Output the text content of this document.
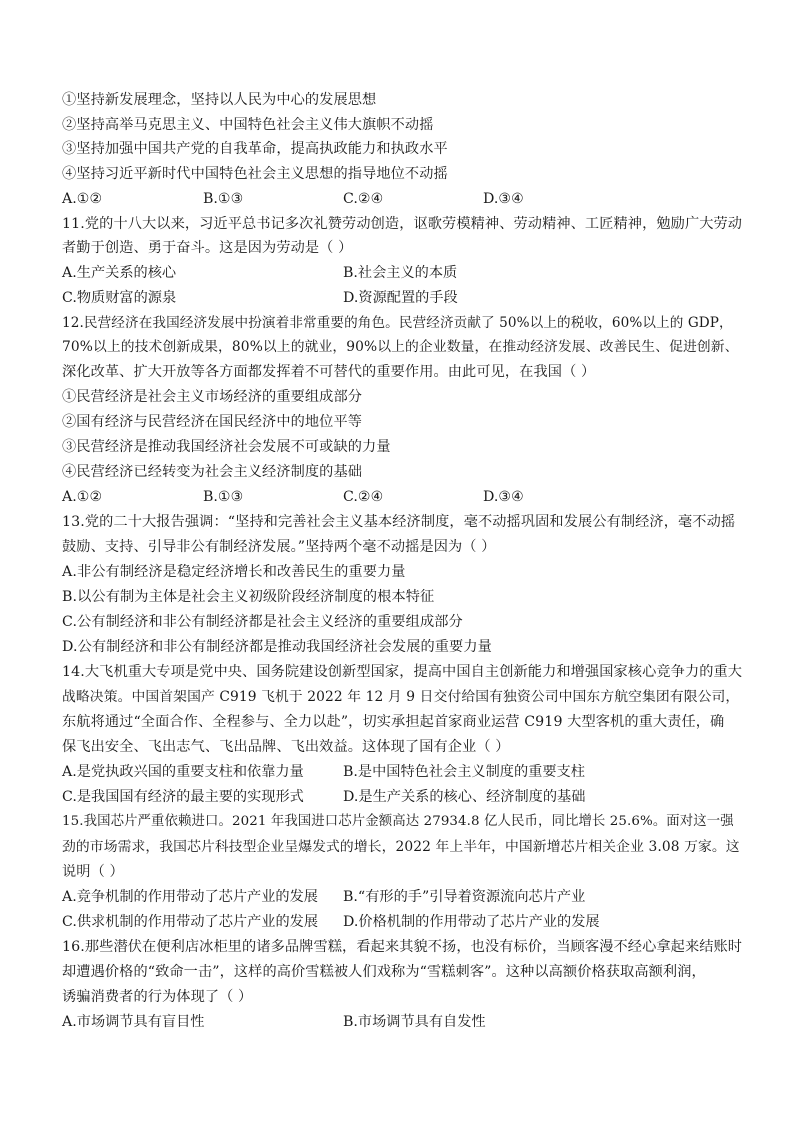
①坚持新发展理念，坚持以人民为中心的发展思想
②坚持高举马克思主义、中国特色社会主义伟大旗帜不动摇
③坚持加强中国共产党的自我革命，提高执政能力和执政水平
④坚持习近平新时代中国特色社会主义思想的指导地位不动摇
A.①②	B.①③	C.②④	D.③④
11.党的十八大以来，习近平总书记多次礼赞劳动创造，讴歌劳模精神、劳动精神、工匠精神，勉励广大劳动
者勤于创造、勇于奋斗。这是因为劳动是（ ）
A.生产关系的核心	B.社会主义的本质
C.物质财富的源泉	D.资源配置的手段
12.民营经济在我国经济发展中扮演着非常重要的角色。民营经济贡献了 50%以上的税收，60%以上的 GDP，
70%以上的技术创新成果，80%以上的就业，90%以上的企业数量，在推动经济发展、改善民生、促进创新、
深化改革、扩大开放等各方面都发挥着不可替代的重要作用。由此可见，在我国（ ）
①民营经济是社会主义市场经济的重要组成部分
②国有经济与民营经济在国民经济中的地位平等
③民营经济是推动我国经济社会发展不可或缺的力量
④民营经济已经转变为社会主义经济制度的基础
A.①②	B.①③	C.②④	D.③④
13.党的二十大报告强调：“坚持和完善社会主义基本经济制度，毫不动摇巩固和发展公有制经济，毫不动摇
鼓励、支持、引导非公有制经济发展。”坚持两个毫不动摇是因为（ ）
A.非公有制经济是稳定经济增长和改善民生的重要力量
B.以公有制为主体是社会主义初级阶段经济制度的根本特征
C.公有制经济和非公有制经济都是社会主义经济的重要组成部分
D.公有制经济和非公有制经济都是推动我国经济社会发展的重要力量
14.大飞机重大专项是党中央、国务院建设创新型国家，提高中国自主创新能力和增强国家核心竞争力的重大
战略决策。中国首架国产 C919 飞机于 2022 年 12 月 9 日交付给国有独资公司中国东方航空集团有限公司，
东航将通过“全面合作、全程参与、全力以赴”，切实承担起首家商业运营 C919 大型客机的重大责任，确
保飞出安全、飞出志气、飞出品牌、飞出效益。这体现了国有企业（ ）
A.是党执政兴国的重要支柱和依靠力量	B.是中国特色社会主义制度的重要支柱
C.是我国国有经济的最主要的实现形式	D.是生产关系的核心、经济制度的基础
15.我国芯片严重依赖进口。2021 年我国进口芯片金额高达 27934.8 亿人民币，同比增长 25.6%。面对这一强
劲的市场需求，我国芯片科技型企业呈爆发式的增长，2022 年上半年，中国新增芯片相关企业 3.08 万家。这
说明（ ）
A.竞争机制的作用带动了芯片产业的发展 B.“有形的手”引导着资源流向芯片产业
C.供求机制的作用带动了芯片产业的发展 D.价格机制的作用带动了芯片产业的发展
16.那些潜伏在便利店冰柜里的诸多品牌雪糕，看起来其貌不扬，也没有标价，当顾客漫不经心拿起来结账时
却遭遇价格的“致命一击”，这样的高价雪糕被人们戏称为“雪糕刺客”。这种以高额价格获取高额利润，
诱骗消费者的行为体现了（ ）
A.市场调节具有盲目性	B.市场调节具有自发性
